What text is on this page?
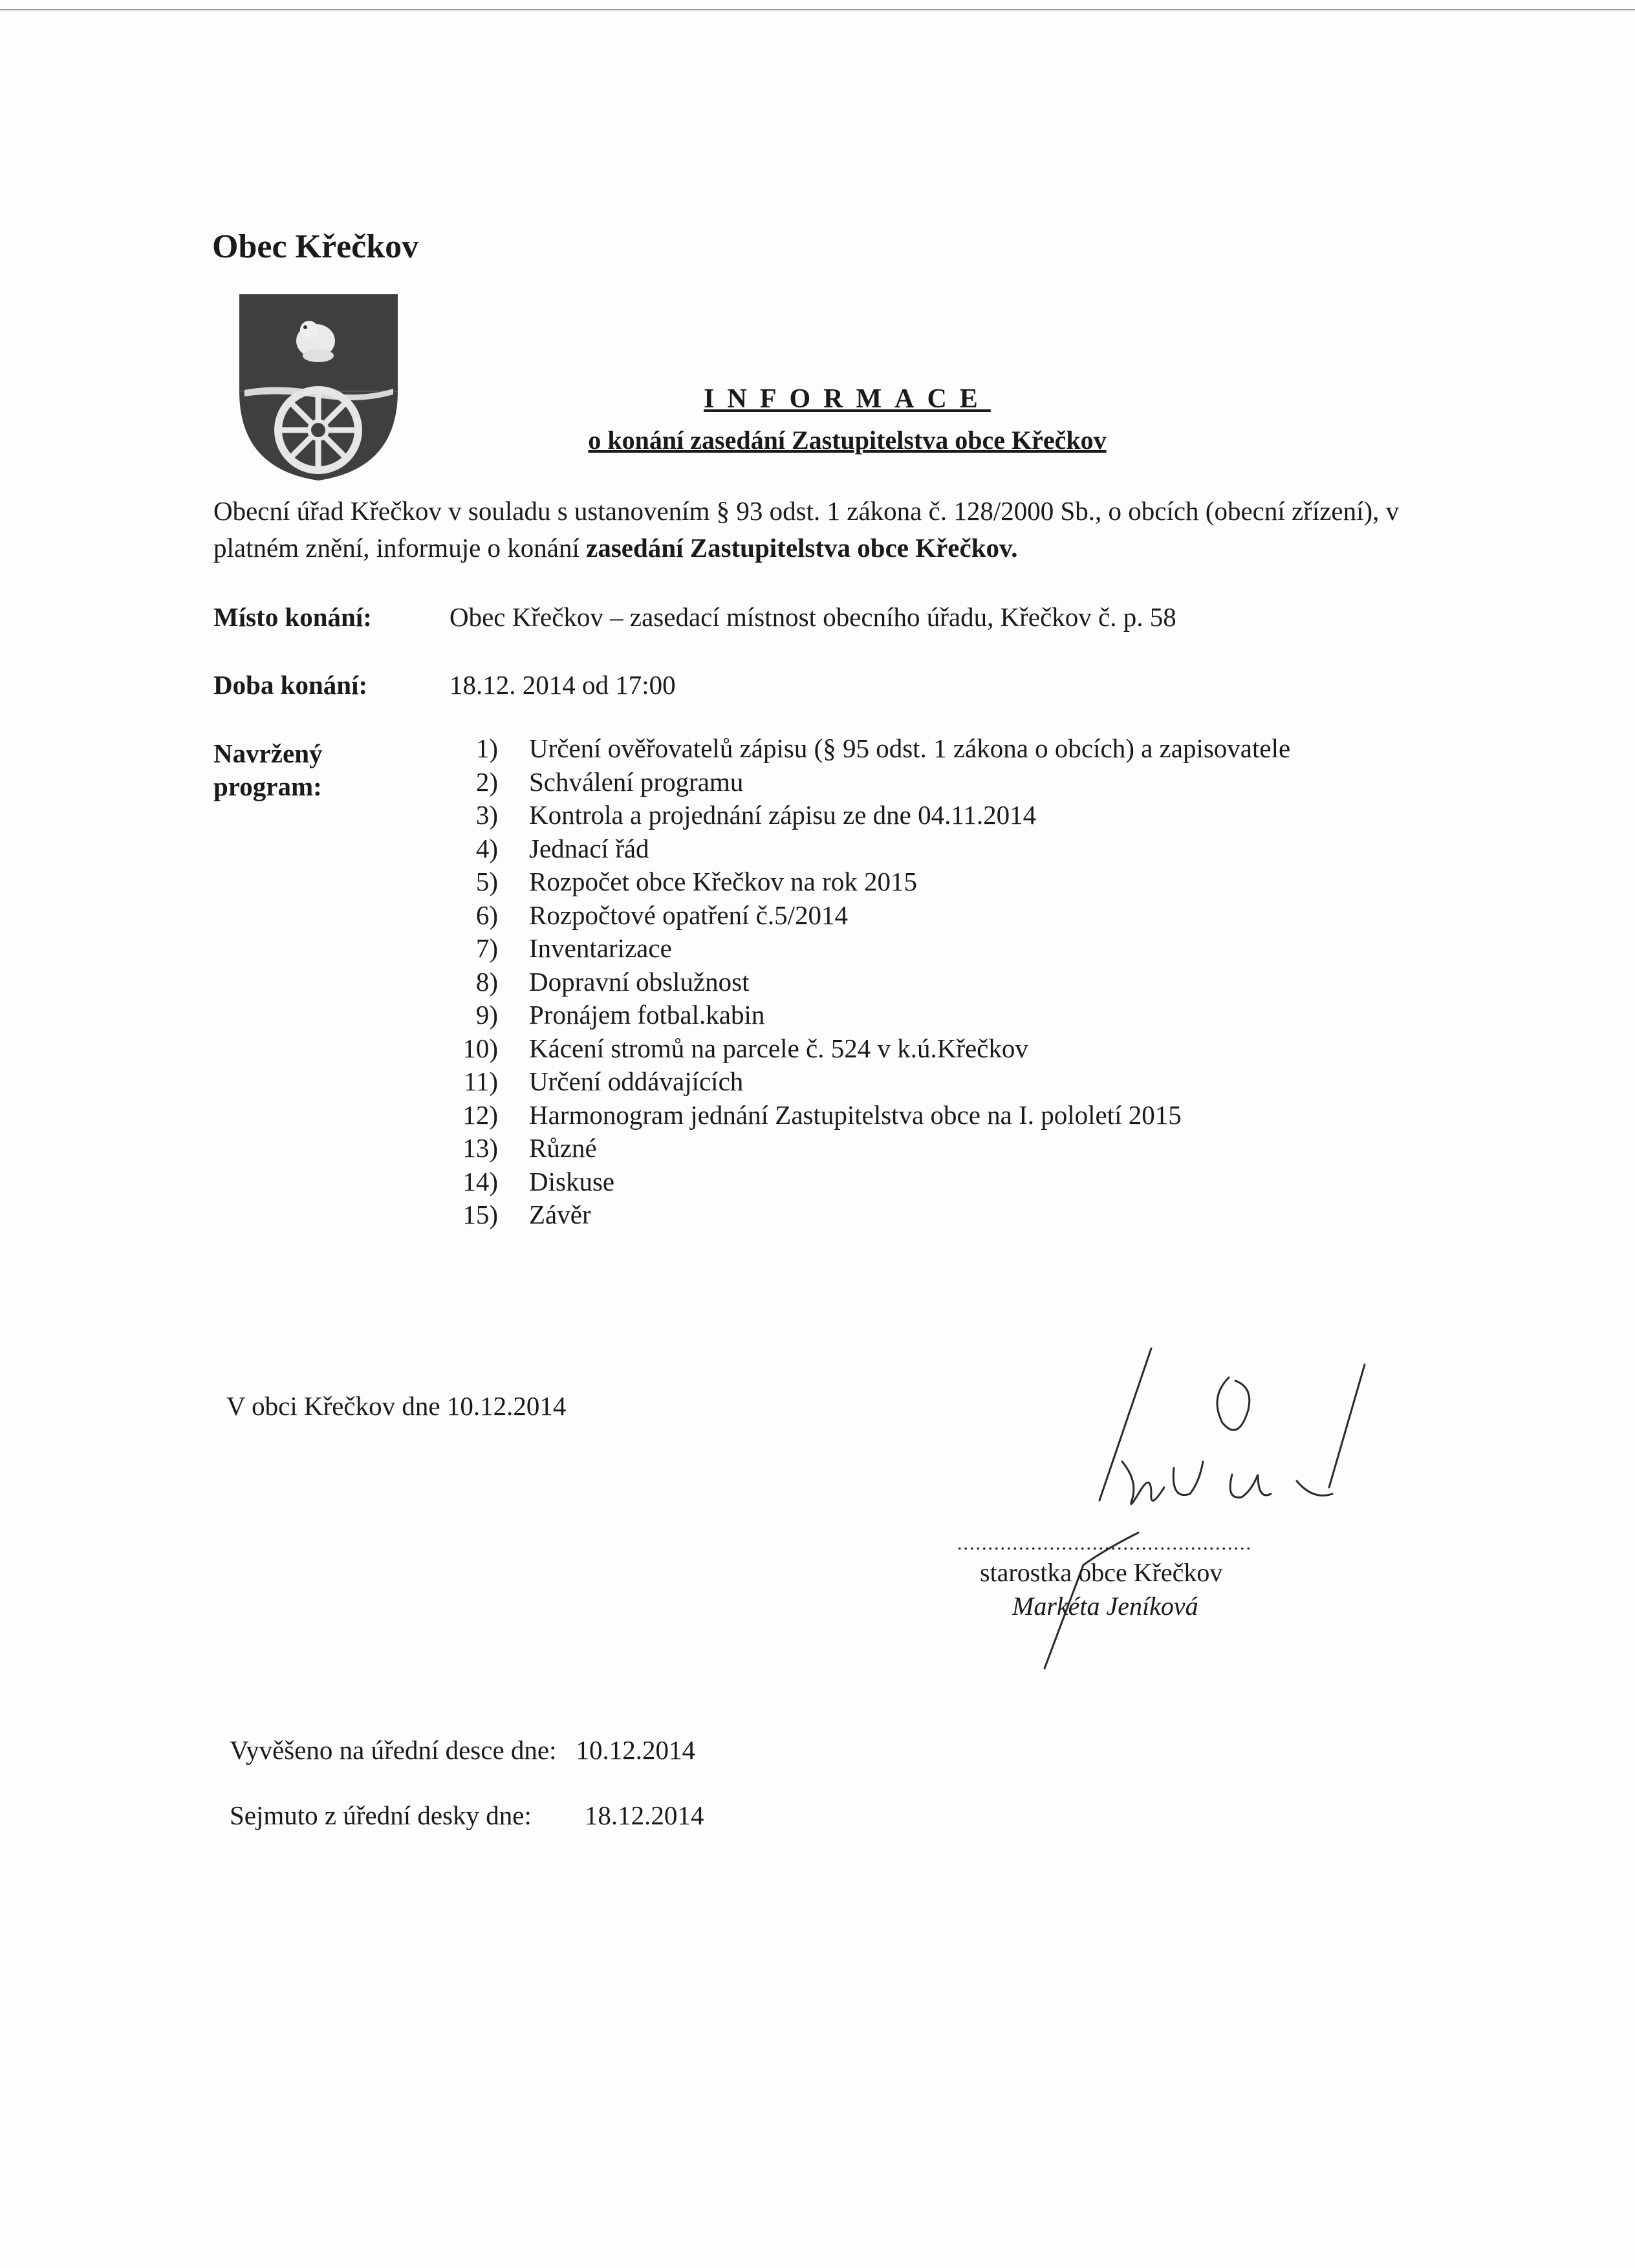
Obec Křečkov
INFORMACE
o konání zasedání Zastupitelstva obce Křečkov
Obecní úřad Křečkov v souladu s ustanovením § 93 odst. 1 zákona č. 128/2000 Sb., o obcích (obecní zřízení), v platném znění, informuje o konání zasedání Zastupitelstva obce Křečkov.
Místo konání:	Obec Křečkov – zasedací místnost obecního úřadu, Křečkov č. p. 58
Doba konání:	18.12. 2014 od 17:00
Navržený
program:
1) Určení ověřovatelů zápisu (§ 95 odst. 1 zákona o obcích) a zapisovatele
2) Schválení programu
3) Kontrola a projednání zápisu ze dne 04.11.2014
4) Jednací řád
5) Rozpočet obce Křečkov na rok 2015
6) Rozpočtové opatření č.5/2014
7) Inventarizace
8) Dopravní obslužnost
9) Pronájem fotbal.kabin
10) Kácení stromů na parcele č. 524 v k.ú.Křečkov
11) Určení oddávajících
12) Harmonogram jednání Zastupitelstva obce na I. pololetí 2015
13) Různé
14) Diskuse
15) Závěr
V obci Křečkov dne 10.12.2014
................................................
starostka obce Křečkov
Markéta Jeníková
Vyvěšeno na úřední desce dne: 10.12.2014
Sejmuto z úřední desky dne: 18.12.2014
